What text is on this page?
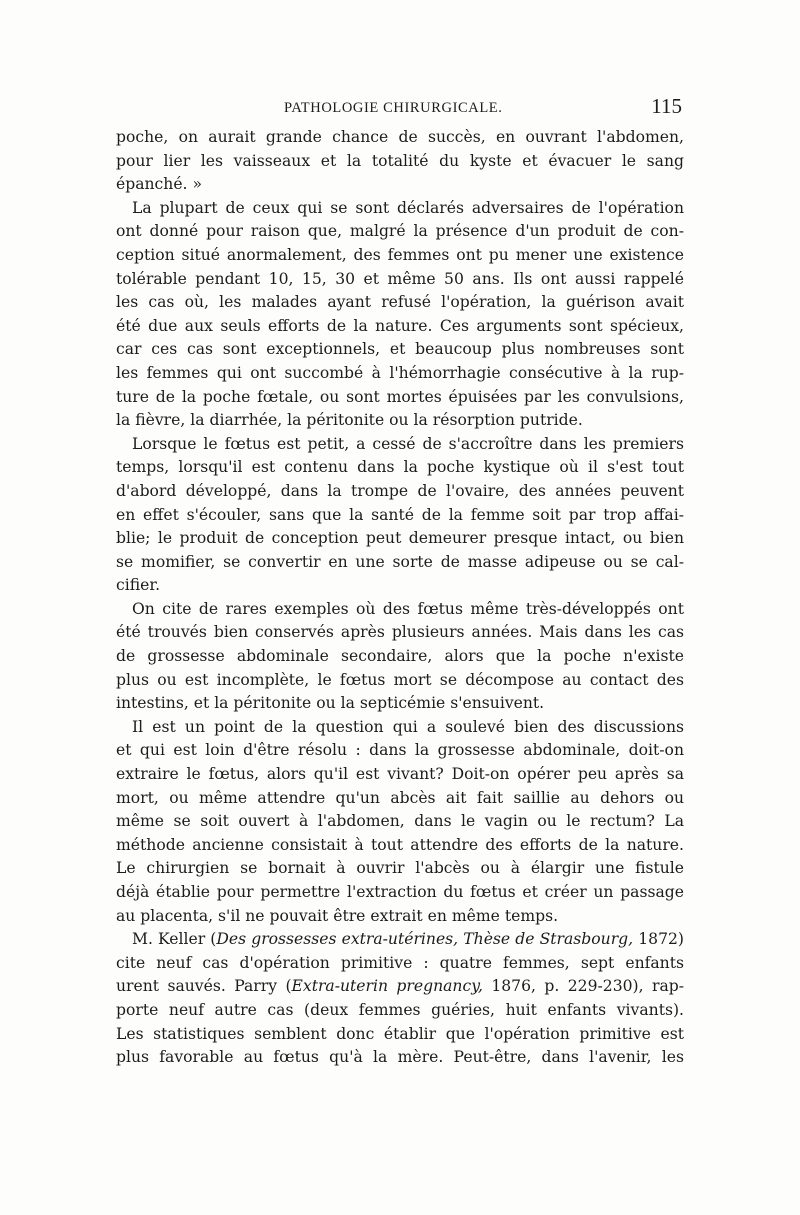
PATHOLOGIE CHIRURGICALE.	115
poche, on aurait grande chance de succès, en ouvrant l'abdomen,
pour lier les vaisseaux et la totalité du kyste et évacuer le sang
épanché. »
La plupart de ceux qui se sont déclarés adversaires de l'opération
ont donné pour raison que, malgré la présence d'un produit de con-
ception situé anormalement, des femmes ont pu mener une existence
tolérable pendant 10, 15, 30 et même 50 ans. Ils ont aussi rappelé
les cas où, les malades ayant refusé l'opération, la guérison avait
été due aux seuls efforts de la nature. Ces arguments sont spécieux,
car ces cas sont exceptionnels, et beaucoup plus nombreuses sont
les femmes qui ont succombé à l'hémorrhagie consécutive à la rup-
ture de la poche fœtale, ou sont mortes épuisées par les convulsions,
la fièvre, la diarrhée, la péritonite ou la résorption putride.
Lorsque le fœtus est petit, a cessé de s'accroître dans les premiers
temps, lorsqu'il est contenu dans la poche kystique où il s'est tout
d'abord développé, dans la trompe de l'ovaire, des années peuvent
en effet s'écouler, sans que la santé de la femme soit par trop affai-
blie; le produit de conception peut demeurer presque intact, ou bien
se momifier, se convertir en une sorte de masse adipeuse ou se cal-
cifier.
On cite de rares exemples où des fœtus même très-développés ont
été trouvés bien conservés après plusieurs années. Mais dans les cas
de grossesse abdominale secondaire, alors que la poche n'existe
plus ou est incomplète, le fœtus mort se décompose au contact des
intestins, et la péritonite ou la septicémie s'ensuivent.
Il est un point de la question qui a soulevé bien des discussions
et qui est loin d'être résolu : dans la grossesse abdominale, doit-on
extraire le fœtus, alors qu'il est vivant? Doit-on opérer peu après sa
mort, ou même attendre qu'un abcès ait fait saillie au dehors ou
même se soit ouvert à l'abdomen, dans le vagin ou le rectum? La
méthode ancienne consistait à tout attendre des efforts de la nature.
Le chirurgien se bornait à ouvrir l'abcès ou à élargir une fistule
déjà établie pour permettre l'extraction du fœtus et créer un passage
au placenta, s'il ne pouvait être extrait en même temps.
M. Keller (Des grossesses extra-utérines, Thèse de Strasbourg, 1872)
cite neuf cas d'opération primitive : quatre femmes, sept enfants
urent sauvés. Parry (Extra-uterin pregnancy, 1876, p. 229-230), rap-
porte neuf autre cas (deux femmes guéries, huit enfants vivants).
Les statistiques semblent donc établir que l'opération primitive est
plus favorable au fœtus qu'à la mère. Peut-être, dans l'avenir, les
